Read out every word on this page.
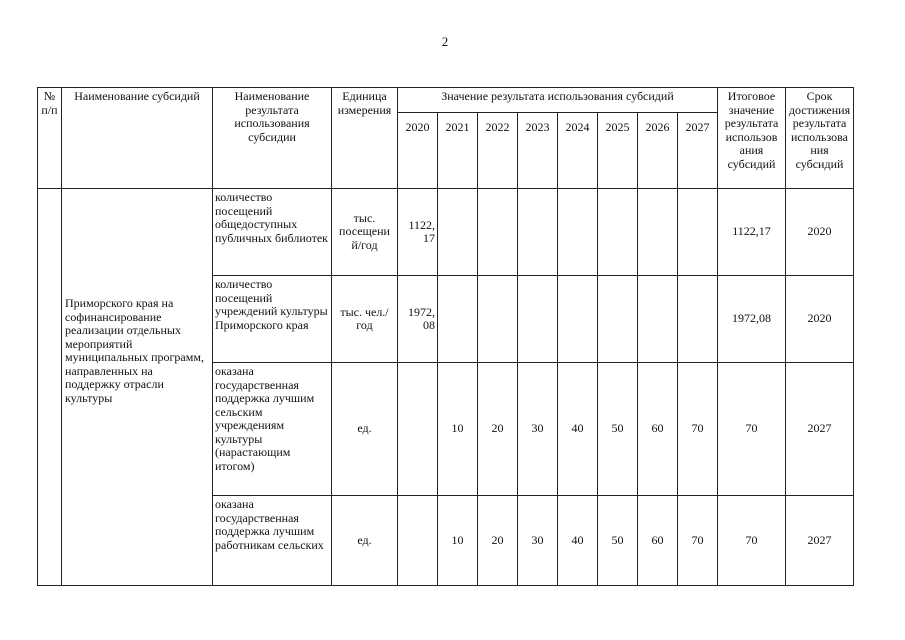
2
№ п/п	Наименование субсидий	Наименование результата использования субсидии	Единица измерения	Значение результата использования субсидий								Итоговое значение результата использов ания субсидий	Срок достижения результата использова ния субсидий
				2020	2021	2022	2023	2024	2025	2026	2027		
	Приморского края на софинансирование реализации отдельных мероприятий муниципальных программ, направленных на поддержку отрасли культуры	количество посещений общедоступных публичных библиотек	тыс. посещени й/год	1122, 17								1122,17	2020
		количество посещений учреждений культуры Приморского края	тыс. чел./год	1972, 08								1972,08	2020
		оказана государственная поддержка лучшим сельским учреждениям культуры (нарастающим итогом)	ед.		10	20	30	40	50	60	70	70	2027
		оказана государственная поддержка лучшим работникам сельских	ед.		10	20	30	40	50	60	70	70	2027
